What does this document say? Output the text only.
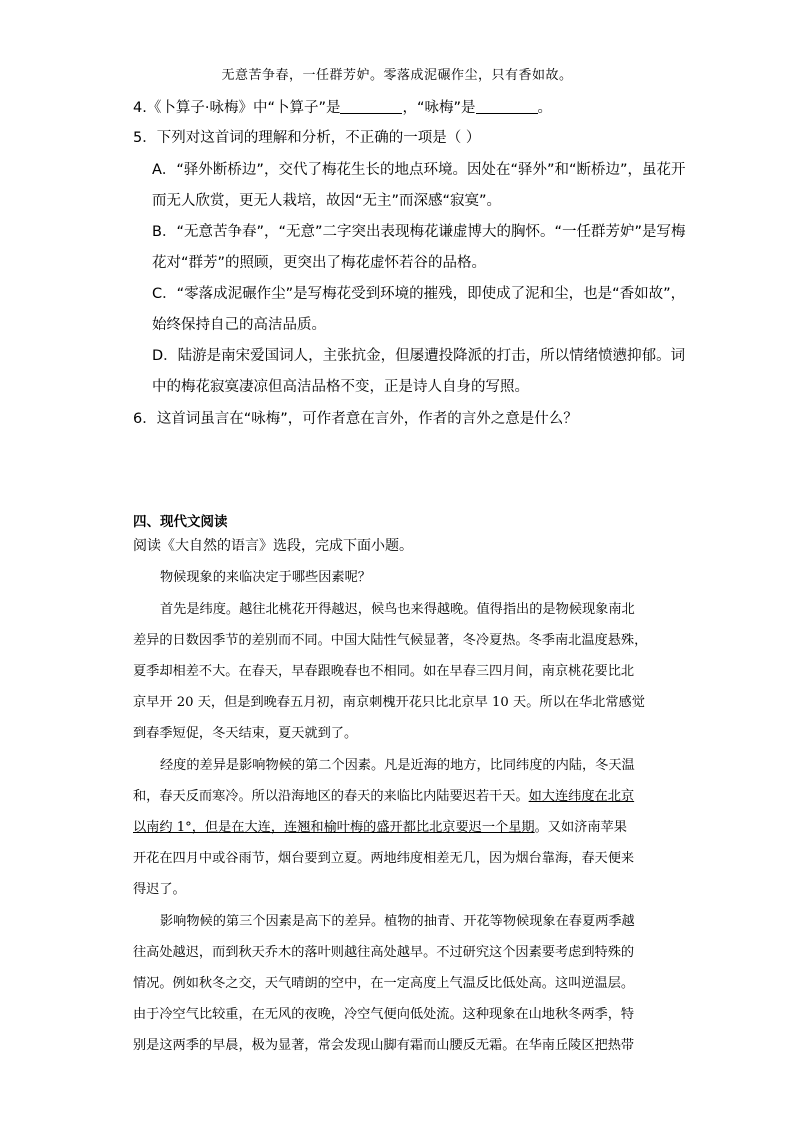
无意苦争春，一任群芳妒。零落成泥碾作尘，只有香如故。
4.《卜算子·咏梅》中“卜算子”是	，“咏梅”是	。
5．下列对这首词的理解和分析，不正确的一项是（ ）
A．“驿外断桥边”，交代了梅花生长的地点环境。因处在“驿外”和“断桥边”，虽花开
而无人欣赏，更无人栽培，故因“无主”而深感“寂寞”。
B．“无意苦争春”，“无意”二字突出表现梅花谦虚博大的胸怀。“一任群芳妒”是写梅
花对“群芳”的照顾，更突出了梅花虚怀若谷的品格。
C．“零落成泥碾作尘”是写梅花受到环境的摧残，即使成了泥和尘，也是“香如故”，
始终保持自己的高洁品质。
D．陆游是南宋爱国词人，主张抗金，但屡遭投降派的打击，所以情绪愤懑抑郁。词
中的梅花寂寞凄凉但高洁品格不变，正是诗人自身的写照。
6．这首词虽言在“咏梅”，可作者意在言外，作者的言外之意是什么？
四、现代文阅读
阅读《大自然的语言》选段，完成下面小题。
物候现象的来临决定于哪些因素呢？
首先是纬度。越往北桃花开得越迟，候鸟也来得越晚。值得指出的是物候现象南北
差异的日数因季节的差别而不同。中国大陆性气候显著，冬冷夏热。冬季南北温度悬殊，
夏季却相差不大。在春天，早春跟晚春也不相同。如在早春三四月间，南京桃花要比北
京早开 20 天，但是到晚春五月初，南京刺槐开花只比北京早 10 天。所以在华北常感觉
到春季短促，冬天结束，夏天就到了。
经度的差异是影响物候的第二个因素。凡是近海的地方，比同纬度的内陆，冬天温
和，春天反而寒冷。所以沿海地区的春天的来临比内陆要迟若干天。如大连纬度在北京
以南约 1°，但是在大连，连翘和榆叶梅的盛开都比北京要迟一个星期。又如济南苹果
开花在四月中或谷雨节，烟台要到立夏。两地纬度相差无几，因为烟台靠海，春天便来
得迟了。
影响物候的第三个因素是高下的差异。植物的抽青、开花等物候现象在春夏两季越
往高处越迟，而到秋天乔木的落叶则越往高处越早。不过研究这个因素要考虑到特殊的
情况。例如秋冬之交，天气晴朗的空中，在一定高度上气温反比低处高。这叫逆温层。
由于冷空气比较重，在无风的夜晚，冷空气便向低处流。这种现象在山地秋冬两季，特
别是这两季的早晨，极为显著，常会发现山脚有霜而山腰反无霜。在华南丘陵区把热带
